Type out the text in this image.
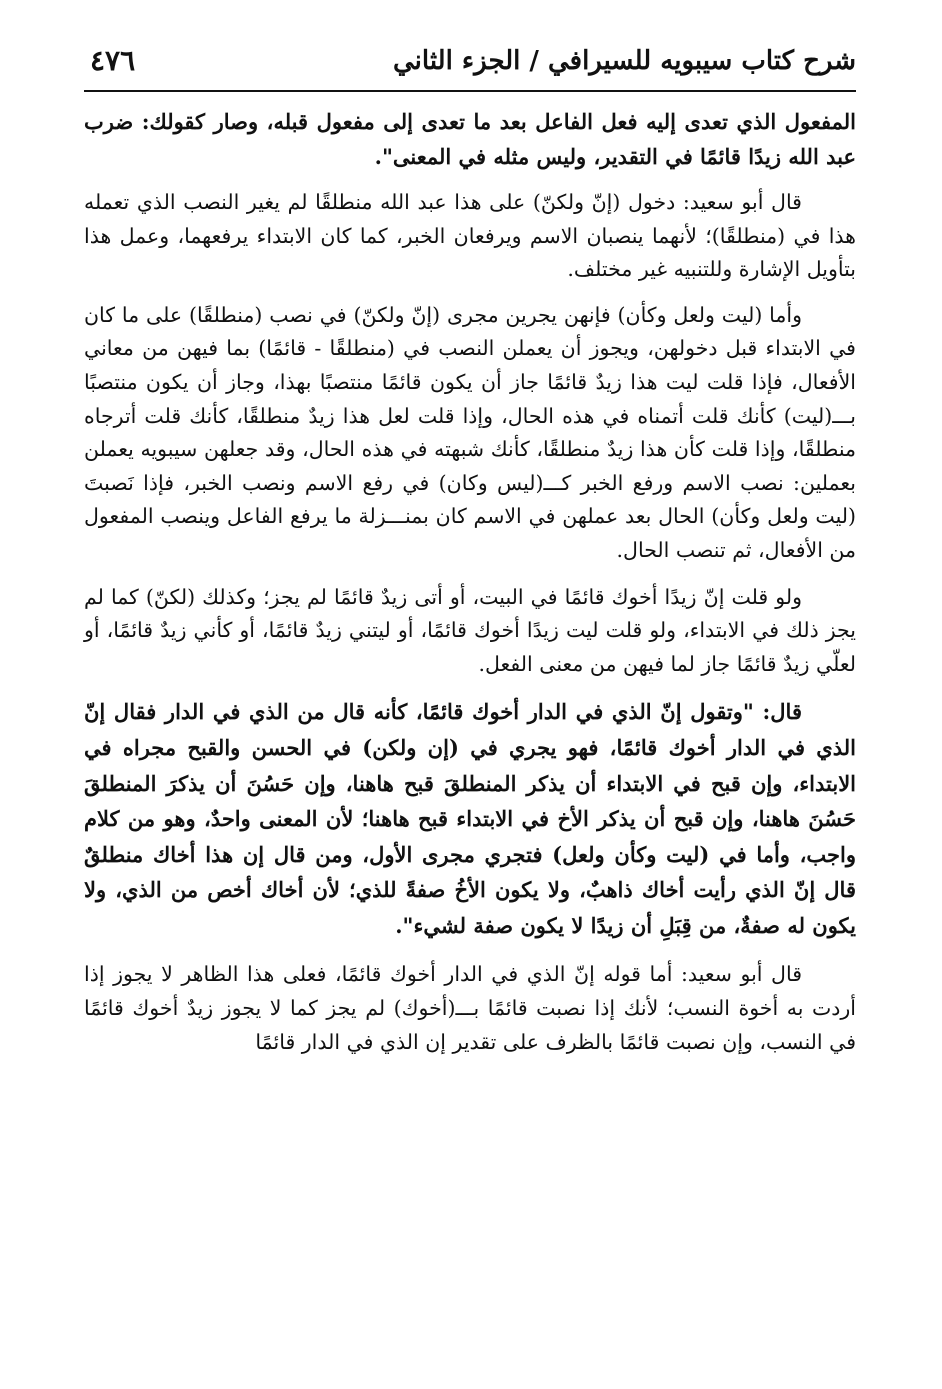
شرح كتاب سيبويه للسيرافي / الجزء الثاني
٤٧٦

المفعول الذي تعدى إليه فعل الفاعل بعد ما تعدى إلى مفعول قبله، وصار كقولك: ضرب عبد الله زيدًا قائمًا في التقدير، وليس مثله في المعنى".

قال أبو سعيد: دخول (إنّ ولكنّ) على هذا عبد الله منطلقًا لم يغير النصب الذي تعمله هذا في (منطلقًا)؛ لأنهما ينصبان الاسم ويرفعان الخبر، كما كان الابتداء يرفعهما، وعمل هذا بتأويل الإشارة وللتنبيه غير مختلف.

وأما (ليت ولعل وكأن) فإنهن يجرين مجرى (إنّ ولكنّ) في نصب (منطلقًا) على ما كان في الابتداء قبل دخولهن، ويجوز أن يعملن النصب في (منطلقًا - قائمًا) بما فيهن من معاني الأفعال، فإذا قلت ليت هذا زيدٌ قائمًا جاز أن يكون قائمًا منتصبًا بهذا، وجاز أن يكون منتصبًا بـــ(ليت) كأنك قلت أتمناه في هذه الحال، وإذا قلت لعل هذا زيدٌ منطلقًا، كأنك قلت أترجاه منطلقًا، وإذا قلت كأن هذا زيدٌ منطلقًا، كأنك شبهته في هذه الحال، وقد جعلهن سيبويه يعملن بعملين: نصب الاسم ورفع الخبر كـــ(ليس وكان) في رفع الاسم ونصب الخبر، فإذا نَصبتَ (ليت ولعل وكأن) الحال بعد عملهن في الاسم كان بمنـــزلة ما يرفع الفاعل وينصب المفعول من الأفعال، ثم تنصب الحال.

ولو قلت إنّ زيدًا أخوك قائمًا في البيت، أو أتى زيدٌ قائمًا لم يجز؛ وكذلك (لكنّ) كما لم يجز ذلك في الابتداء، ولو قلت ليت زيدًا أخوك قائمًا، أو ليتني زيدٌ قائمًا، أو كأني زيدٌ قائمًا، أو لعلّي زيدٌ قائمًا جاز لما فيهن من معنى الفعل.

قال: "وتقول إنّ الذي في الدار أخوك قائمًا، كأنه قال من الذي في الدار فقال إنّ الذي في الدار أخوك قائمًا، فهو يجري في (إن ولكن) في الحسن والقبح مجراه في الابتداء، وإن قبح في الابتداء أن يذكر المنطلقَ قبح هاهنا، وإن حَسُنَ أن يذكرَ المنطلقَ حَسُنَ هاهنا، وإن قبح أن يذكر الأخ في الابتداء قبح هاهنا؛ لأن المعنى واحدٌ، وهو من كلام واجب، وأما في (ليت وكأن ولعل) فتجري مجرى الأول، ومن قال إن هذا أخاك منطلقٌ قال إنّ الذي رأيت أخاك ذاهبٌ، ولا يكون الأخُ صفةً للذي؛ لأن أخاك أخص من الذي، ولا يكون له صفةٌ، من قِبَلِ أن زيدًا لا يكون صفة لشيء".

قال أبو سعيد: أما قوله إنّ الذي في الدار أخوك قائمًا، فعلى هذا الظاهر لا يجوز إذا أردت به أخوة النسب؛ لأنك إذا نصبت قائمًا بـــ(أخوك) لم يجز كما لا يجوز زيدٌ أخوك قائمًا في النسب، وإن نصبت قائمًا بالظرف على تقدير إن الذي في الدار قائمًا
